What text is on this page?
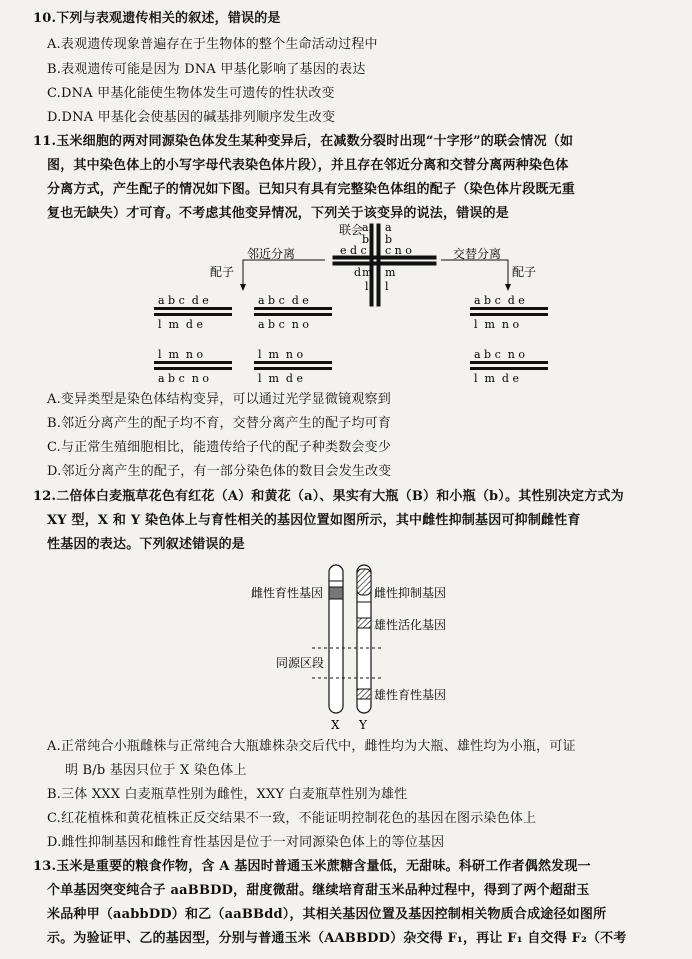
10.下列与表观遗传相关的叙述，错误的是
A.表观遗传现象普遍存在于生物体的整个生命活动过程中
B.表观遗传可能是因为 DNA 甲基化影响了基因的表达
C.DNA 甲基化能使生物体发生可遗传的性状改变
D.DNA 甲基化会使基因的碱基排列顺序发生改变
11.玉米细胞的两对同源染色体发生某种变异后，在减数分裂时出现“十字形”的联会情况（如
图，其中染色体上的小写字母代表染色体片段），并且存在邻近分离和交替分离两种染色体
分离方式，产生配子的情况如下图。已知只有具有完整染色体组的配子（染色体片段既无重
复也无缺失）才可育。不考虑其他变异情况，下列关于该变异的说法，错误的是
联会
a a
b b
e d c c n o
d m m
l l
邻近分离	交替分离
配子	配子
a b c  d e
l  m  d e
a b c  d e
a b c  n o
l  m  n o
a b c  n o
l  m  n o
l  m  d e
a b c  d e
l  m  n o
a b c  n o
l  m  d e
A.变异类型是染色体结构变异，可以通过光学显微镜观察到
B.邻近分离产生的配子均不育，交替分离产生的配子均可育
C.与正常生殖细胞相比，能遗传给子代的配子种类数会变少
D.邻近分离产生的配子，有一部分染色体的数目会发生改变
12.二倍体白麦瓶草花色有红花（A）和黄花（a）、果实有大瓶（B）和小瓶（b）。其性别决定方式为
XY 型，X 和 Y 染色体上与育性相关的基因位置如图所示，其中雌性抑制基因可抑制雌性育
性基因的表达。下列叙述错误的是
雌性育性基因	雌性抑制基因
雄性活化基因
同源区段
雄性育性基因
X Y
A.正常纯合小瓶雌株与正常纯合大瓶雄株杂交后代中，雌性均为大瓶、雄性均为小瓶，可证
明 B/b 基因只位于 X 染色体上
B.三体 XXX 白麦瓶草性别为雌性，XXY 白麦瓶草性别为雄性
C.红花植株和黄花植株正反交结果不一致，不能证明控制花色的基因在图示染色体上
D.雌性抑制基因和雌性育性基因是位于一对同源染色体上的等位基因
13.玉米是重要的粮食作物，含 A 基因时普通玉米蔗糖含量低，无甜味。科研工作者偶然发现一
个单基因突变纯合子 aaBBDD，甜度微甜。继续培育甜玉米品种过程中，得到了两个超甜玉
米品种甲（aabbDD）和乙（aaBBdd），其相关基因位置及基因控制相关物质合成途径如图所
示。为验证甲、乙的基因型，分别与普通玉米（AABBDD）杂交得 F₁，再让 F₁ 自交得 F₂（不考
